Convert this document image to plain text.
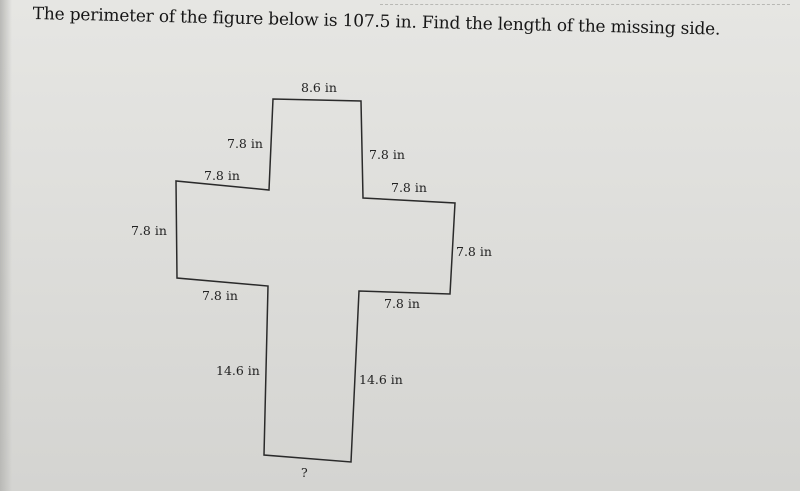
The perimeter of the figure below is 107.5 in. Find the length of the missing side.
8.6 in
7.8 in
7.8 in
7.8 in
7.8 in
14.6 in
?
14.6 in
7.8 in
7.8 in
7.8 in
7.8 in
